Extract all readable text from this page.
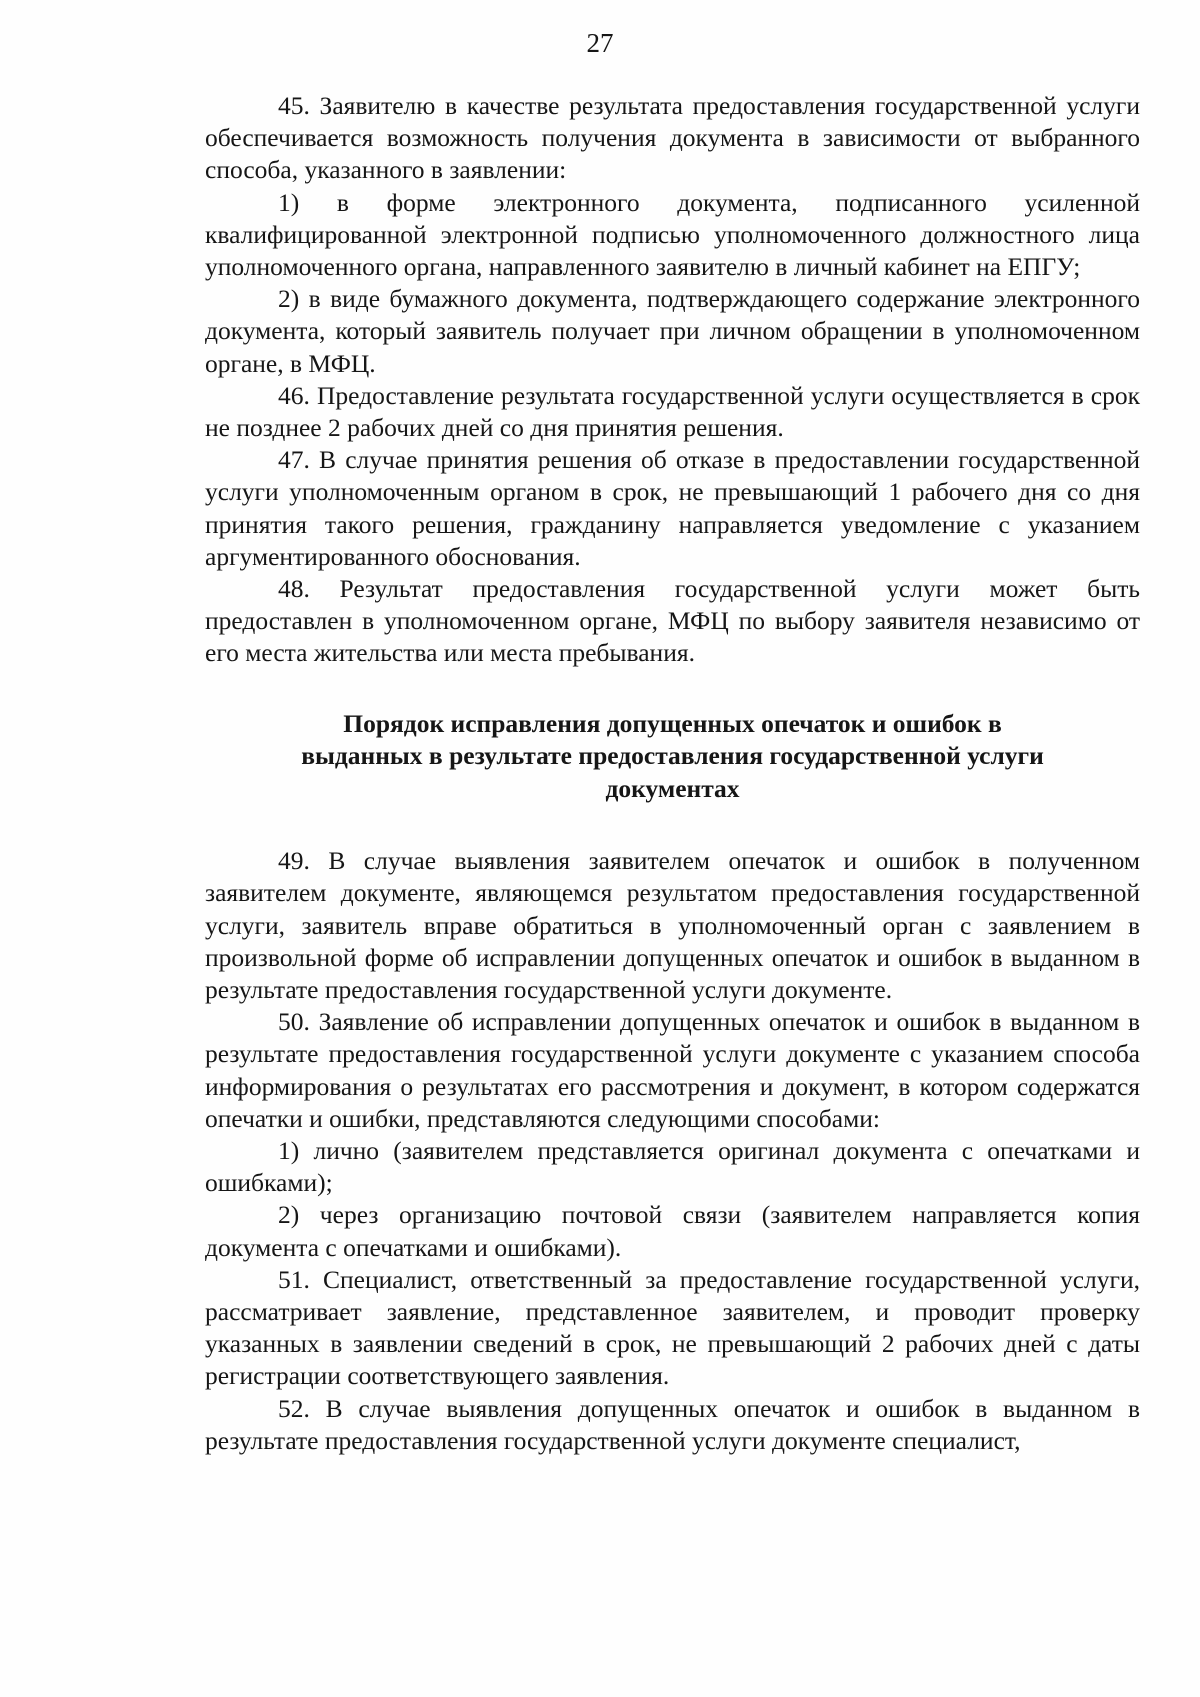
27

45. Заявителю в качестве результата предоставления государственной услуги обеспечивается возможность получения документа в зависимости от выбранного способа, указанного в заявлении:

1) в форме электронного документа, подписанного усиленной квалифицированной электронной подписью уполномоченного должностного лица уполномоченного органа, направленного заявителю в личный кабинет на ЕПГУ;

2) в виде бумажного документа, подтверждающего содержание электронного документа, который заявитель получает при личном обращении в уполномоченном органе, в МФЦ.

46. Предоставление результата государственной услуги осуществляется в срок не позднее 2 рабочих дней со дня принятия решения.

47. В случае принятия решения об отказе в предоставлении государственной услуги уполномоченным органом в срок, не превышающий 1 рабочего дня со дня принятия такого решения, гражданину направляется уведомление с указанием аргументированного обоснования.

48. Результат предоставления государственной услуги может быть предоставлен в уполномоченном органе, МФЦ по выбору заявителя независимо от его места жительства или места пребывания.

Порядок исправления допущенных опечаток и ошибок в
выданных в результате предоставления государственной услуги
документах

49. В случае выявления заявителем опечаток и ошибок в полученном заявителем документе, являющемся результатом предоставления государственной услуги, заявитель вправе обратиться в уполномоченный орган с заявлением в произвольной форме об исправлении допущенных опечаток и ошибок в выданном в результате предоставления государственной услуги документе.

50. Заявление об исправлении допущенных опечаток и ошибок в выданном в результате предоставления государственной услуги документе с указанием способа информирования о результатах его рассмотрения и документ, в котором содержатся опечатки и ошибки, представляются следующими способами:

1) лично (заявителем представляется оригинал документа с опечатками и ошибками);

2) через организацию почтовой связи (заявителем направляется копия документа с опечатками и ошибками).

51. Специалист, ответственный за предоставление государственной услуги, рассматривает заявление, представленное заявителем, и проводит проверку указанных в заявлении сведений в срок, не превышающий 2 рабочих дней с даты регистрации соответствующего заявления.

52. В случае выявления допущенных опечаток и ошибок в выданном в результате предоставления государственной услуги документе специалист,
